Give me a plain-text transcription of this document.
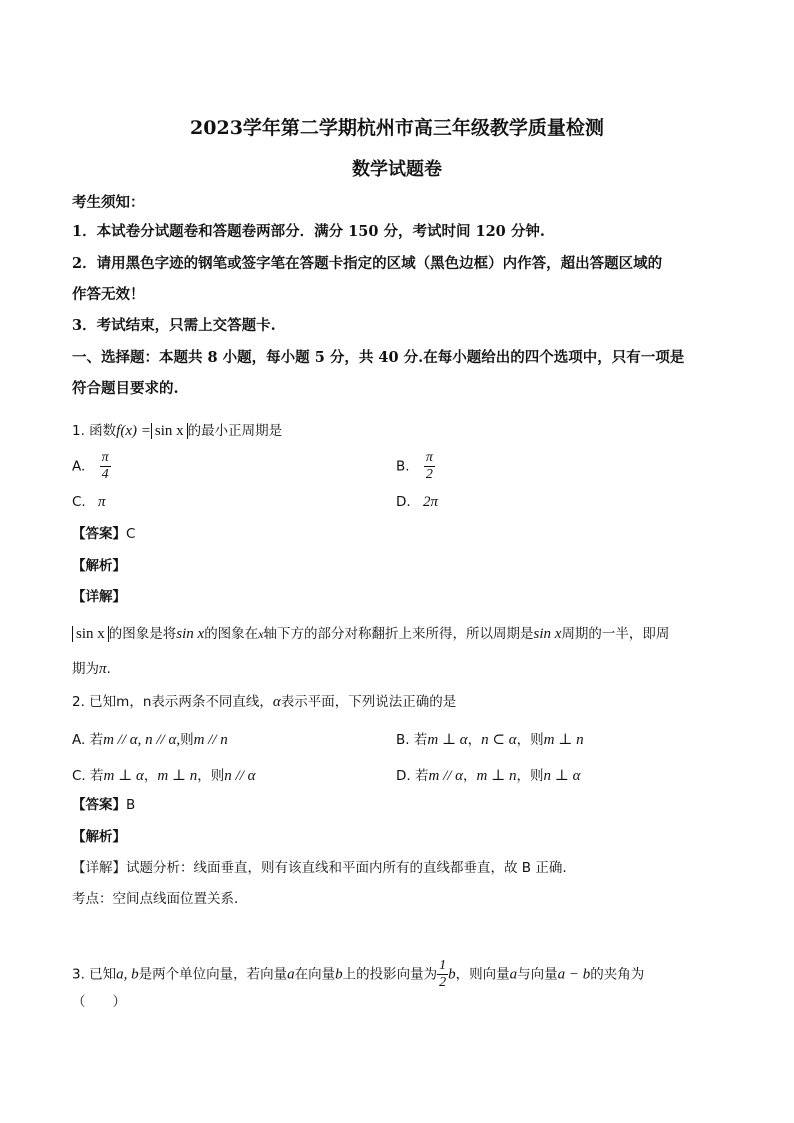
2023学年第二学期杭州市高三年级教学质量检测
数学试题卷
考生须知：
1．本试卷分试题卷和答题卷两部分．满分 150 分，考试时间 120 分钟.
2．请用黑色字迹的钢笔或签字笔在答题卡指定的区域（黑色边框）内作答，超出答题区域的
作答无效！
3．考试结束，只需上交答题卡.
一、选择题：本题共 8 小题，每小题 5 分，共 40 分.在每小题给出的四个选项中，只有一项是
符合题目要求的.
1. 函数f(x) = sin x 的最小正周期是
A. $\frac{\pi}{4}$	B. $\frac{\pi}{2}$
C. π	D. 2π
【答案】C
【解析】
【详解】
sin x 的图象是将sin x的图象在x轴下方的部分对称翻折上来所得，所以周期是sin x周期的一半，即周
期为π.
2. 已知m，n表示两条不同直线，α表示平面，下列说法正确的是
A. 若m // α, n // α,则m // n	B. 若m ⊥ α，n ⊂ α，则m ⊥ n
C. 若m ⊥ α，m ⊥ n，则n // α	D. 若m // α，m ⊥ n，则n ⊥ α
【答案】B
【解析】
【详解】试题分析：线面垂直，则有该直线和平面内所有的直线都垂直，故 B 正确.
考点：空间点线面位置关系．
3. 已知a, b是两个单位向量，若向量a在向量b上的投影向量为 $\frac{1}{2}$ b，则向量a与向量a − b的夹角为
（　　）
